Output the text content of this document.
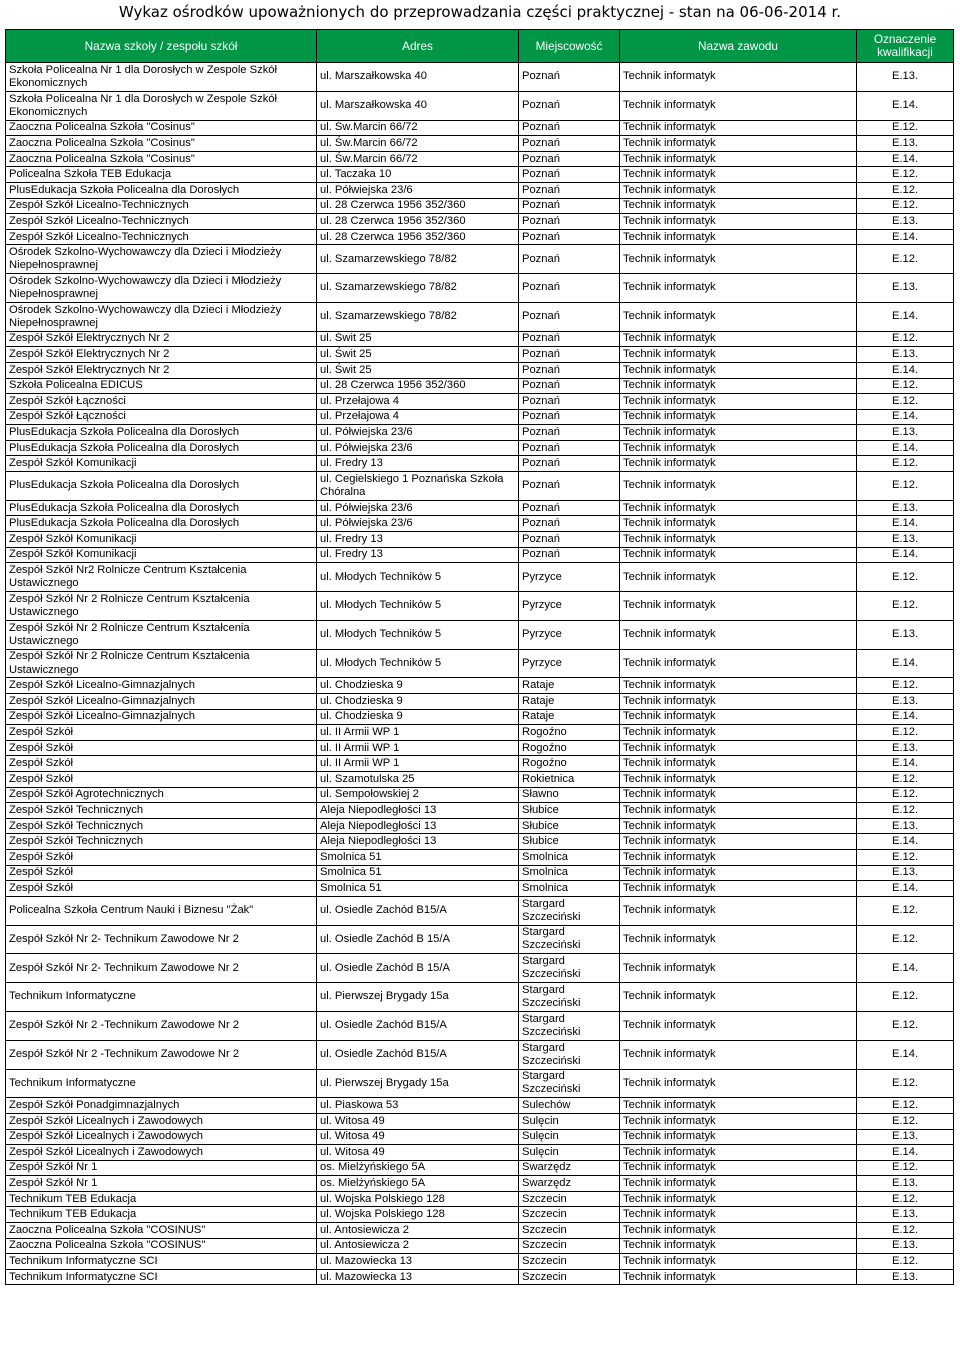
Wykaz ośrodków upoważnionych do przeprowadzania części praktycznej - stan na 06-06-2014 r.
Nazwa szkoły / zespołu szkół	Adres	Miejscowość	Nazwa zawodu	Oznaczenie kwalifikacji
Szkoła Policealna Nr 1 dla Dorosłych w Zespole Szkół Ekonomicznych	ul. Marszałkowska 40	Poznań	Technik informatyk	E.13.
Szkoła Policealna Nr 1 dla Dorosłych w Zespole Szkół Ekonomicznych	ul. Marszałkowska 40	Poznań	Technik informatyk	E.14.
Zaoczna Policealna Szkoła "Cosinus"	ul. Św.Marcin 66/72	Poznań	Technik informatyk	E.12.
Zaoczna Policealna Szkoła "Cosinus"	ul. Św.Marcin 66/72	Poznań	Technik informatyk	E.13.
Zaoczna Policealna Szkoła "Cosinus"	ul. Św.Marcin 66/72	Poznań	Technik informatyk	E.14.
Policealna Szkoła TEB Edukacja	ul. Taczaka 10	Poznań	Technik informatyk	E.12.
PlusEdukacja Szkoła Policealna dla Dorosłych	ul. Półwiejska 23/6	Poznań	Technik informatyk	E.12.
Zespół Szkół Licealno-Technicznych	ul. 28 Czerwca 1956 352/360	Poznań	Technik informatyk	E.12.
Zespół Szkół Licealno-Technicznych	ul. 28 Czerwca 1956 352/360	Poznań	Technik informatyk	E.13.
Zespół Szkół Licealno-Technicznych	ul. 28 Czerwca 1956 352/360	Poznań	Technik informatyk	E.14.
Ośrodek Szkolno-Wychowawczy dla Dzieci i Młodzieży Niepełnosprawnej	ul. Szamarzewskiego 78/82	Poznań	Technik informatyk	E.12.
Ośrodek Szkolno-Wychowawczy dla Dzieci i Młodzieży Niepełnosprawnej	ul. Szamarzewskiego 78/82	Poznań	Technik informatyk	E.13.
Ośrodek Szkolno-Wychowawczy dla Dzieci i Młodzieży Niepełnosprawnej	ul. Szamarzewskiego 78/82	Poznań	Technik informatyk	E.14.
Zespół Szkół Elektrycznych Nr 2	ul. Świt 25	Poznań	Technik informatyk	E.12.
Zespół Szkół Elektrycznych Nr 2	ul. Świt 25	Poznań	Technik informatyk	E.13.
Zespół Szkół Elektrycznych Nr 2	ul. Świt 25	Poznań	Technik informatyk	E.14.
Szkoła Policealna EDICUS	ul. 28 Czerwca 1956 352/360	Poznań	Technik informatyk	E.12.
Zespół Szkół Łączności	ul. Przełajowa 4	Poznań	Technik informatyk	E.12.
Zespół Szkół Łączności	ul. Przełajowa 4	Poznań	Technik informatyk	E.14.
PlusEdukacja Szkoła Policealna dla Dorosłych	ul. Półwiejska 23/6	Poznań	Technik informatyk	E.13.
PlusEdukacja Szkoła Policealna dla Dorosłych	ul. Półwiejska 23/6	Poznań	Technik informatyk	E.14.
Zespół Szkół Komunikacji	ul. Fredry 13	Poznań	Technik informatyk	E.12.
PlusEdukacja Szkoła Policealna dla Dorosłych	ul. Cegielskiego 1 Poznańska Szkoła Chóralna	Poznań	Technik informatyk	E.12.
PlusEdukacja Szkoła Policealna dla Dorosłych	ul. Półwiejska 23/6	Poznań	Technik informatyk	E.13.
PlusEdukacja Szkoła Policealna dla Dorosłych	ul. Półwiejska 23/6	Poznań	Technik informatyk	E.14.
Zespół Szkół Komunikacji	ul. Fredry 13	Poznań	Technik informatyk	E.13.
Zespół Szkół Komunikacji	ul. Fredry 13	Poznań	Technik informatyk	E.14.
Zespół Szkół Nr2 Rolnicze Centrum Kształcenia Ustawicznego	ul. Młodych Techników 5	Pyrzyce	Technik informatyk	E.12.
Zespół Szkół Nr 2 Rolnicze Centrum Kształcenia Ustawicznego	ul. Młodych Techników 5	Pyrzyce	Technik informatyk	E.12.
Zespół Szkół Nr 2 Rolnicze Centrum Kształcenia Ustawicznego	ul. Młodych Techników 5	Pyrzyce	Technik informatyk	E.13.
Zespół Szkół Nr 2 Rolnicze Centrum Kształcenia Ustawicznego	ul. Młodych Techników 5	Pyrzyce	Technik informatyk	E.14.
Zespół Szkół Licealno-Gimnazjalnych	ul. Chodzieska 9	Rataje	Technik informatyk	E.12.
Zespół Szkół Licealno-Gimnazjalnych	ul. Chodzieska 9	Rataje	Technik informatyk	E.13.
Zespół Szkół Licealno-Gimnazjalnych	ul. Chodzieska 9	Rataje	Technik informatyk	E.14.
Zespół Szkół	ul. II Armii WP 1	Rogoźno	Technik informatyk	E.12.
Zespół Szkół	ul. II Armii WP 1	Rogoźno	Technik informatyk	E.13.
Zespół Szkół	ul. II Armii WP 1	Rogoźno	Technik informatyk	E.14.
Zespół Szkół	ul. Szamotulska 25	Rokietnica	Technik informatyk	E.12.
Zespół Szkół Agrotechnicznych	ul. Sempołowskiej 2	Sławno	Technik informatyk	E.12.
Zespół Szkół Technicznych	Aleja Niepodległości 13	Słubice	Technik informatyk	E.12.
Zespół Szkół Technicznych	Aleja Niepodległości 13	Słubice	Technik informatyk	E.13.
Zespół Szkół Technicznych	Aleja Niepodległości 13	Słubice	Technik informatyk	E.14.
Zespół Szkół	Smolnica 51	Smolnica	Technik informatyk	E.12.
Zespół Szkół	Smolnica 51	Smolnica	Technik informatyk	E.13.
Zespół Szkół	Smolnica 51	Smolnica	Technik informatyk	E.14.
Policealna Szkoła Centrum Nauki i Biznesu "Żak"	ul. Osiedle Zachód B15/A	Stargard Szczeciński	Technik informatyk	E.12.
Zespół Szkół Nr 2- Technikum Zawodowe Nr 2	ul. Osiedle Zachód B 15/A	Stargard Szczeciński	Technik informatyk	E.12.
Zespół Szkół Nr 2- Technikum Zawodowe Nr 2	ul. Osiedle Zachód B 15/A	Stargard Szczeciński	Technik informatyk	E.14.
Technikum Informatyczne	ul. Pierwszej Brygady 15a	Stargard Szczeciński	Technik informatyk	E.12.
Zespół Szkół Nr 2 -Technikum Zawodowe Nr 2	ul. Osiedle Zachód B15/A	Stargard Szczeciński	Technik informatyk	E.12.
Zespół Szkół Nr 2 -Technikum Zawodowe Nr 2	ul. Osiedle Zachód B15/A	Stargard Szczeciński	Technik informatyk	E.14.
Technikum Informatyczne	ul. Pierwszej Brygady 15a	Stargard Szczeciński	Technik informatyk	E.12.
Zespół Szkół Ponadgimnazjalnych	ul. Piaskowa 53	Sulechów	Technik informatyk	E.12.
Zespół Szkół Licealnych i Zawodowych	ul. Witosa 49	Sulęcin	Technik informatyk	E.12.
Zespół Szkół Licealnych i Zawodowych	ul. Witosa 49	Sulęcin	Technik informatyk	E.13.
Zespół Szkół Licealnych i Zawodowych	ul. Witosa 49	Sulęcin	Technik informatyk	E.14.
Zespół Szkół Nr 1	os. Mielżyńskiego 5A	Swarzędz	Technik informatyk	E.12.
Zespół Szkół Nr 1	os. Mielżyńskiego 5A	Swarzędz	Technik informatyk	E.13.
Technikum TEB Edukacja	ul. Wojska Polskiego 128	Szczecin	Technik informatyk	E.12.
Technikum TEB Edukacja	ul. Wojska Polskiego 128	Szczecin	Technik informatyk	E.13.
Zaoczna Policealna Szkoła "COSINUS"	ul. Antosiewicza 2	Szczecin	Technik informatyk	E.12.
Zaoczna Policealna Szkoła "COSINUS"	ul. Antosiewicza 2	Szczecin	Technik informatyk	E.13.
Technikum Informatyczne SCI	ul. Mazowiecka 13	Szczecin	Technik informatyk	E.12.
Technikum Informatyczne SCI	ul. Mazowiecka 13	Szczecin	Technik informatyk	E.13.
